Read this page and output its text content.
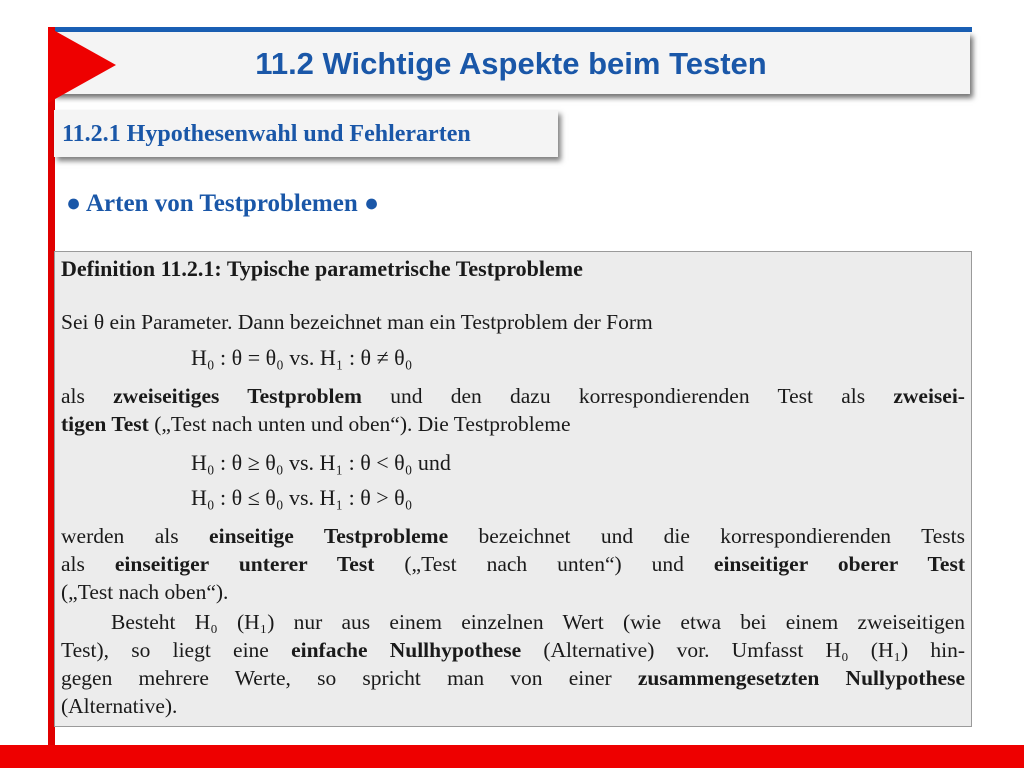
11.2 Wichtige Aspekte beim Testen
11.2.1 Hypothesenwahl und Fehlerarten
● Arten von Testproblemen ●
Definition 11.2.1: Typische parametrische Testprobleme
Sei θ ein Parameter. Dann bezeichnet man ein Testproblem der Form
H₀ : θ = θ₀ vs. H₁ : θ ≠ θ₀
als zweiseitiges Testproblem und den dazu korrespondierenden Test als zweisei-
tigen Test („Test nach unten und oben“). Die Testprobleme
H₀ : θ ≥ θ₀ vs. H₁ : θ < θ₀ und
H₀ : θ ≤ θ₀ vs. H₁ : θ > θ₀
werden als einseitige Testprobleme bezeichnet und die korrespondierenden Tests
als einseitiger unterer Test („Test nach unten“) und einseitiger oberer Test
(„Test nach oben“).
Besteht H₀ (H₁) nur aus einem einzelnen Wert (wie etwa bei einem zweiseitigen
Test), so liegt eine einfache Nullhypothese (Alternative) vor. Umfasst H₀ (H₁) hin-
gegen mehrere Werte, so spricht man von einer zusammengesetzten Nullypothese
(Alternative).
